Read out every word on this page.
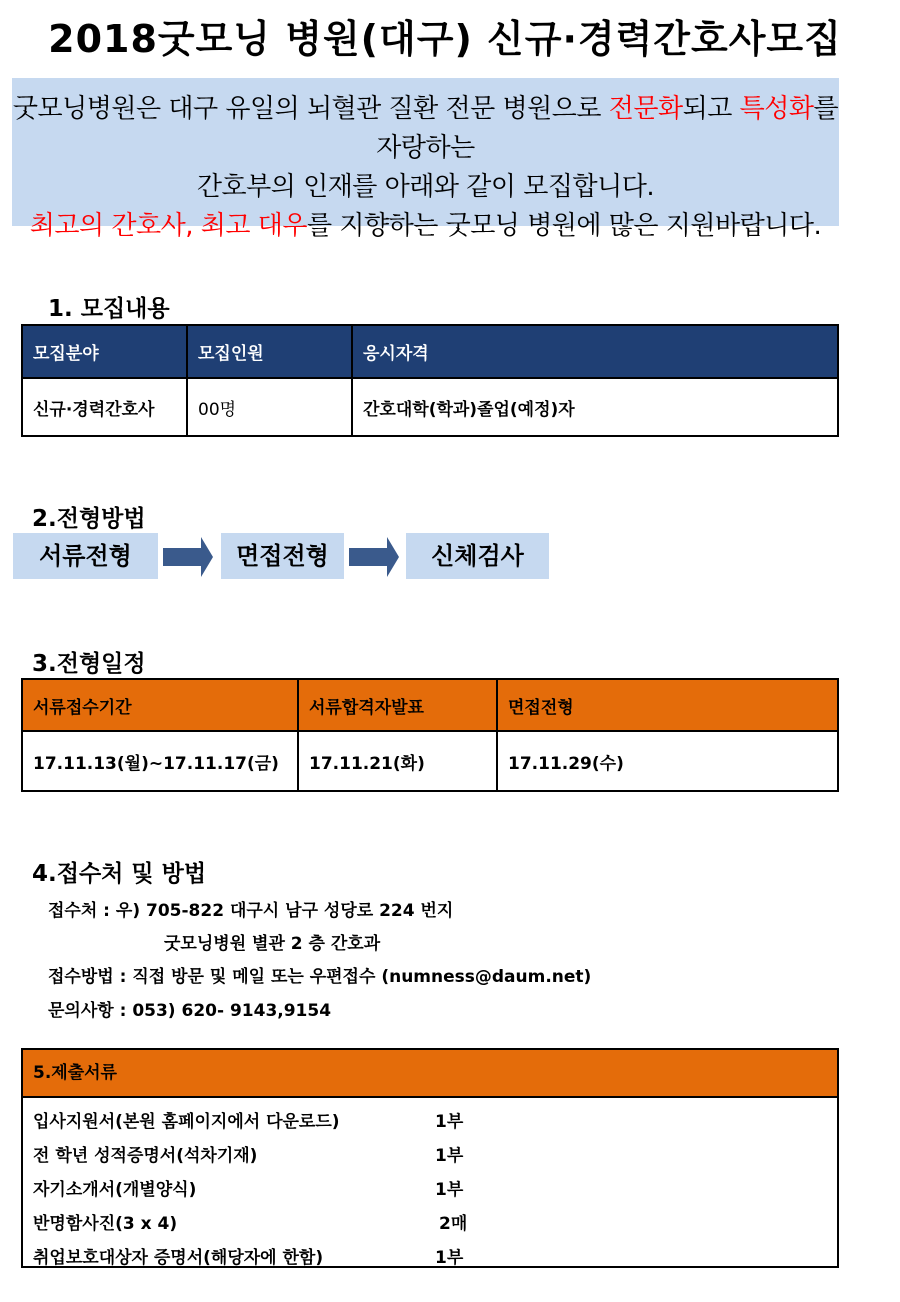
2018굿모닝 병원(대구) 신규·경력간호사모집
굿모닝병원은 대구 유일의 뇌혈관 질환 전문 병원으로 전문화되고 특성화를 자랑하는
간호부의 인재를 아래와 같이 모집합니다.
최고의 간호사, 최고 대우를 지향하는 굿모닝 병원에 많은 지원바랍니다.
1. 모집내용
모집분야	모집인원	응시자격
신규·경력간호사	00명	간호대학(학과)졸업(예정)자
2.전형방법
서류전형	면접전형	신체검사
3.전형일정
서류접수기간	서류합격자발표	면접전형
17.11.13(월)~17.11.17(금)	17.11.21(화)	17.11.29(수)
4.접수처 및 방법
접수처 : 우) 705-822 대구시 남구 성당로 224 번지
굿모닝병원 별관 2 층 간호과
접수방법 : 직접 방문 및 메일 또는 우편접수 (numness@daum.net)
문의사항 : 053) 620- 9143,9154
5.제출서류
입사지원서(본원 홈페이지에서 다운로드)	1부
전 학년 성적증명서(석차기재)	1부
자기소개서(개별양식)	1부
반명함사진(3 x 4)	2매
취업보호대상자 증명서(해당자에 한함)	1부
